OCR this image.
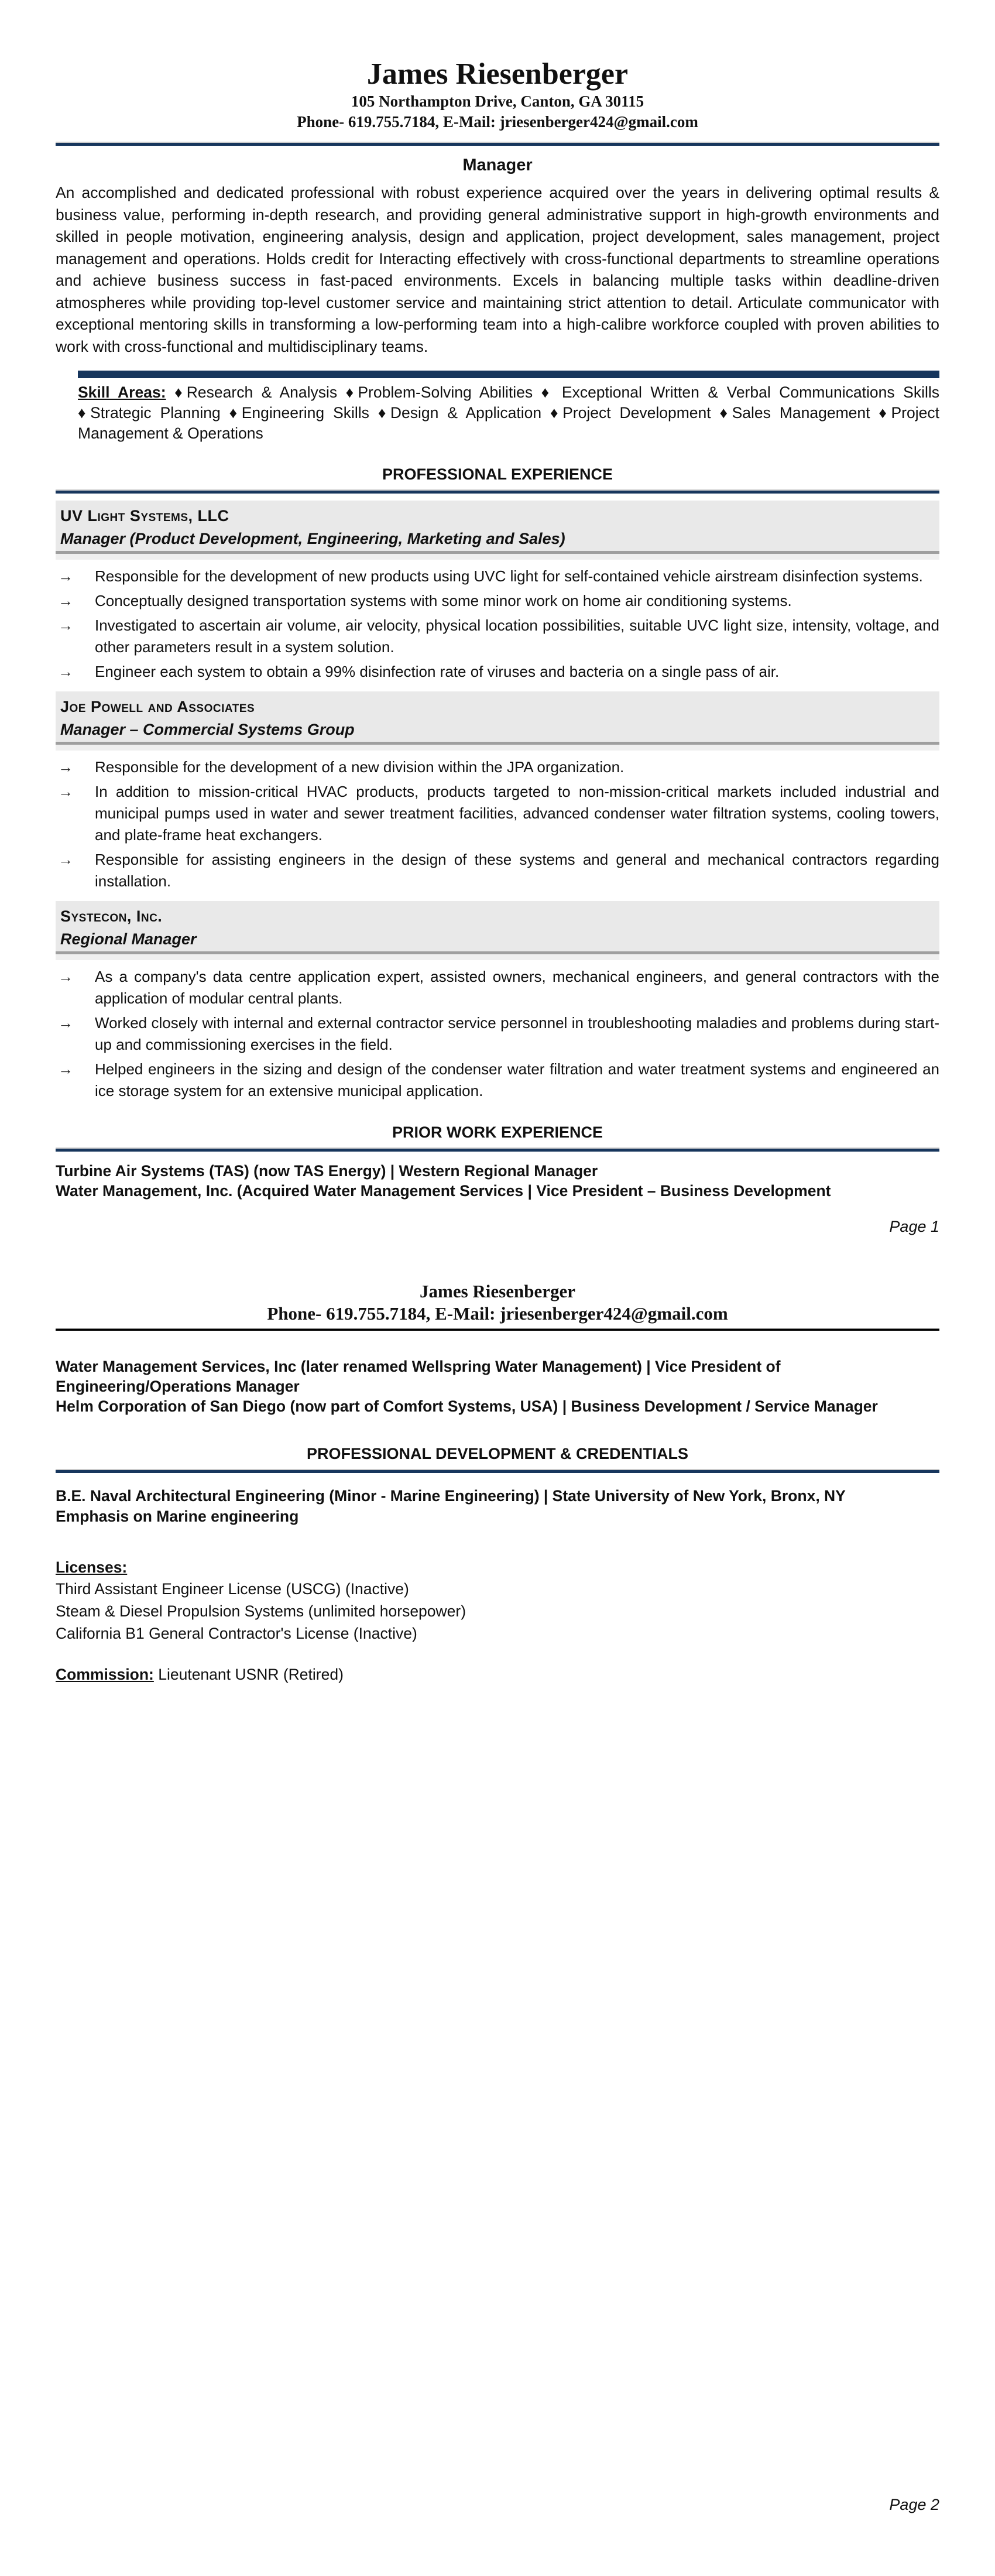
James Riesenberger
105 Northampton Drive, Canton, GA 30115
Phone- 619.755.7184, E-Mail: jriesenberger424@gmail.com
Manager

An accomplished and dedicated professional with robust experience acquired over the years in delivering optimal results & business value, performing in-depth research, and providing general administrative support in high-growth environments and skilled in people motivation, engineering analysis, design and application, project development, sales management, project management and operations. Holds credit for Interacting effectively with cross-functional departments to streamline operations and achieve business success in fast-paced environments. Excels in balancing multiple tasks within deadline-driven atmospheres while providing top-level customer service and maintaining strict attention to detail. Articulate communicator with exceptional mentoring skills in transforming a low-performing team into a high-calibre workforce coupled with proven abilities to work with cross-functional and multidisciplinary teams.

Skill Areas: ♦Research & Analysis ♦Problem-Solving Abilities ♦ Exceptional Written & Verbal Communications Skills ♦Strategic Planning ♦Engineering Skills ♦Design & Application ♦Project Development ♦Sales Management ♦Project Management & Operations

PROFESSIONAL EXPERIENCE
UV Light Systems, LLC
Manager (Product Development, Engineering, Marketing and Sales)
→	Responsible for the development of new products using UVC light for self-contained vehicle airstream disinfection systems.

→	Conceptually designed transportation systems with some minor work on home air conditioning systems.

→	Investigated to ascertain air volume, air velocity, physical location possibilities, suitable UVC light size, intensity, voltage, and other parameters result in a system solution.

→	Engineer each system to obtain a 99% disinfection rate of viruses and bacteria on a single pass of air.

Joe Powell and Associates
Manager – Commercial Systems Group
→	Responsible for the development of a new division within the JPA organization.

→	In addition to mission-critical HVAC products, products targeted to non-mission-critical markets included industrial and municipal pumps used in water and sewer treatment facilities, advanced condenser water filtration systems, cooling towers, and plate-frame heat exchangers.

→	Responsible for assisting engineers in the design of these systems and general and mechanical contractors regarding installation.

Systecon, Inc.
Regional Manager
→	As a company's data centre application expert, assisted owners, mechanical engineers, and general contractors with the application of modular central plants.

→	Worked closely with internal and external contractor service personnel in troubleshooting maladies and problems during start-up and commissioning exercises in the field.

→	Helped engineers in the sizing and design of the condenser water filtration and water treatment systems and engineered an ice storage system for an extensive municipal application.

PRIOR WORK EXPERIENCE
Turbine Air Systems (TAS) (now TAS Energy) | Western Regional Manager
Water Management, Inc. (Acquired Water Management Services | Vice President – Business Development
Page 1
James Riesenberger
Phone- 619.755.7184, E-Mail: jriesenberger424@gmail.com
Water Management Services, Inc (later renamed Wellspring Water Management) | Vice President of Engineering/Operations Manager
Helm Corporation of San Diego (now part of Comfort Systems, USA) | Business Development / Service Manager
PROFESSIONAL DEVELOPMENT & CREDENTIALS
B.E. Naval Architectural Engineering (Minor - Marine Engineering) | State University of New York, Bronx, NY
Emphasis on Marine engineering
Licenses:
Third Assistant Engineer License (USCG) (Inactive)
Steam & Diesel Propulsion Systems (unlimited horsepower)
California B1 General Contractor's License (Inactive)
Commission: Lieutenant USNR (Retired)
Page 2
